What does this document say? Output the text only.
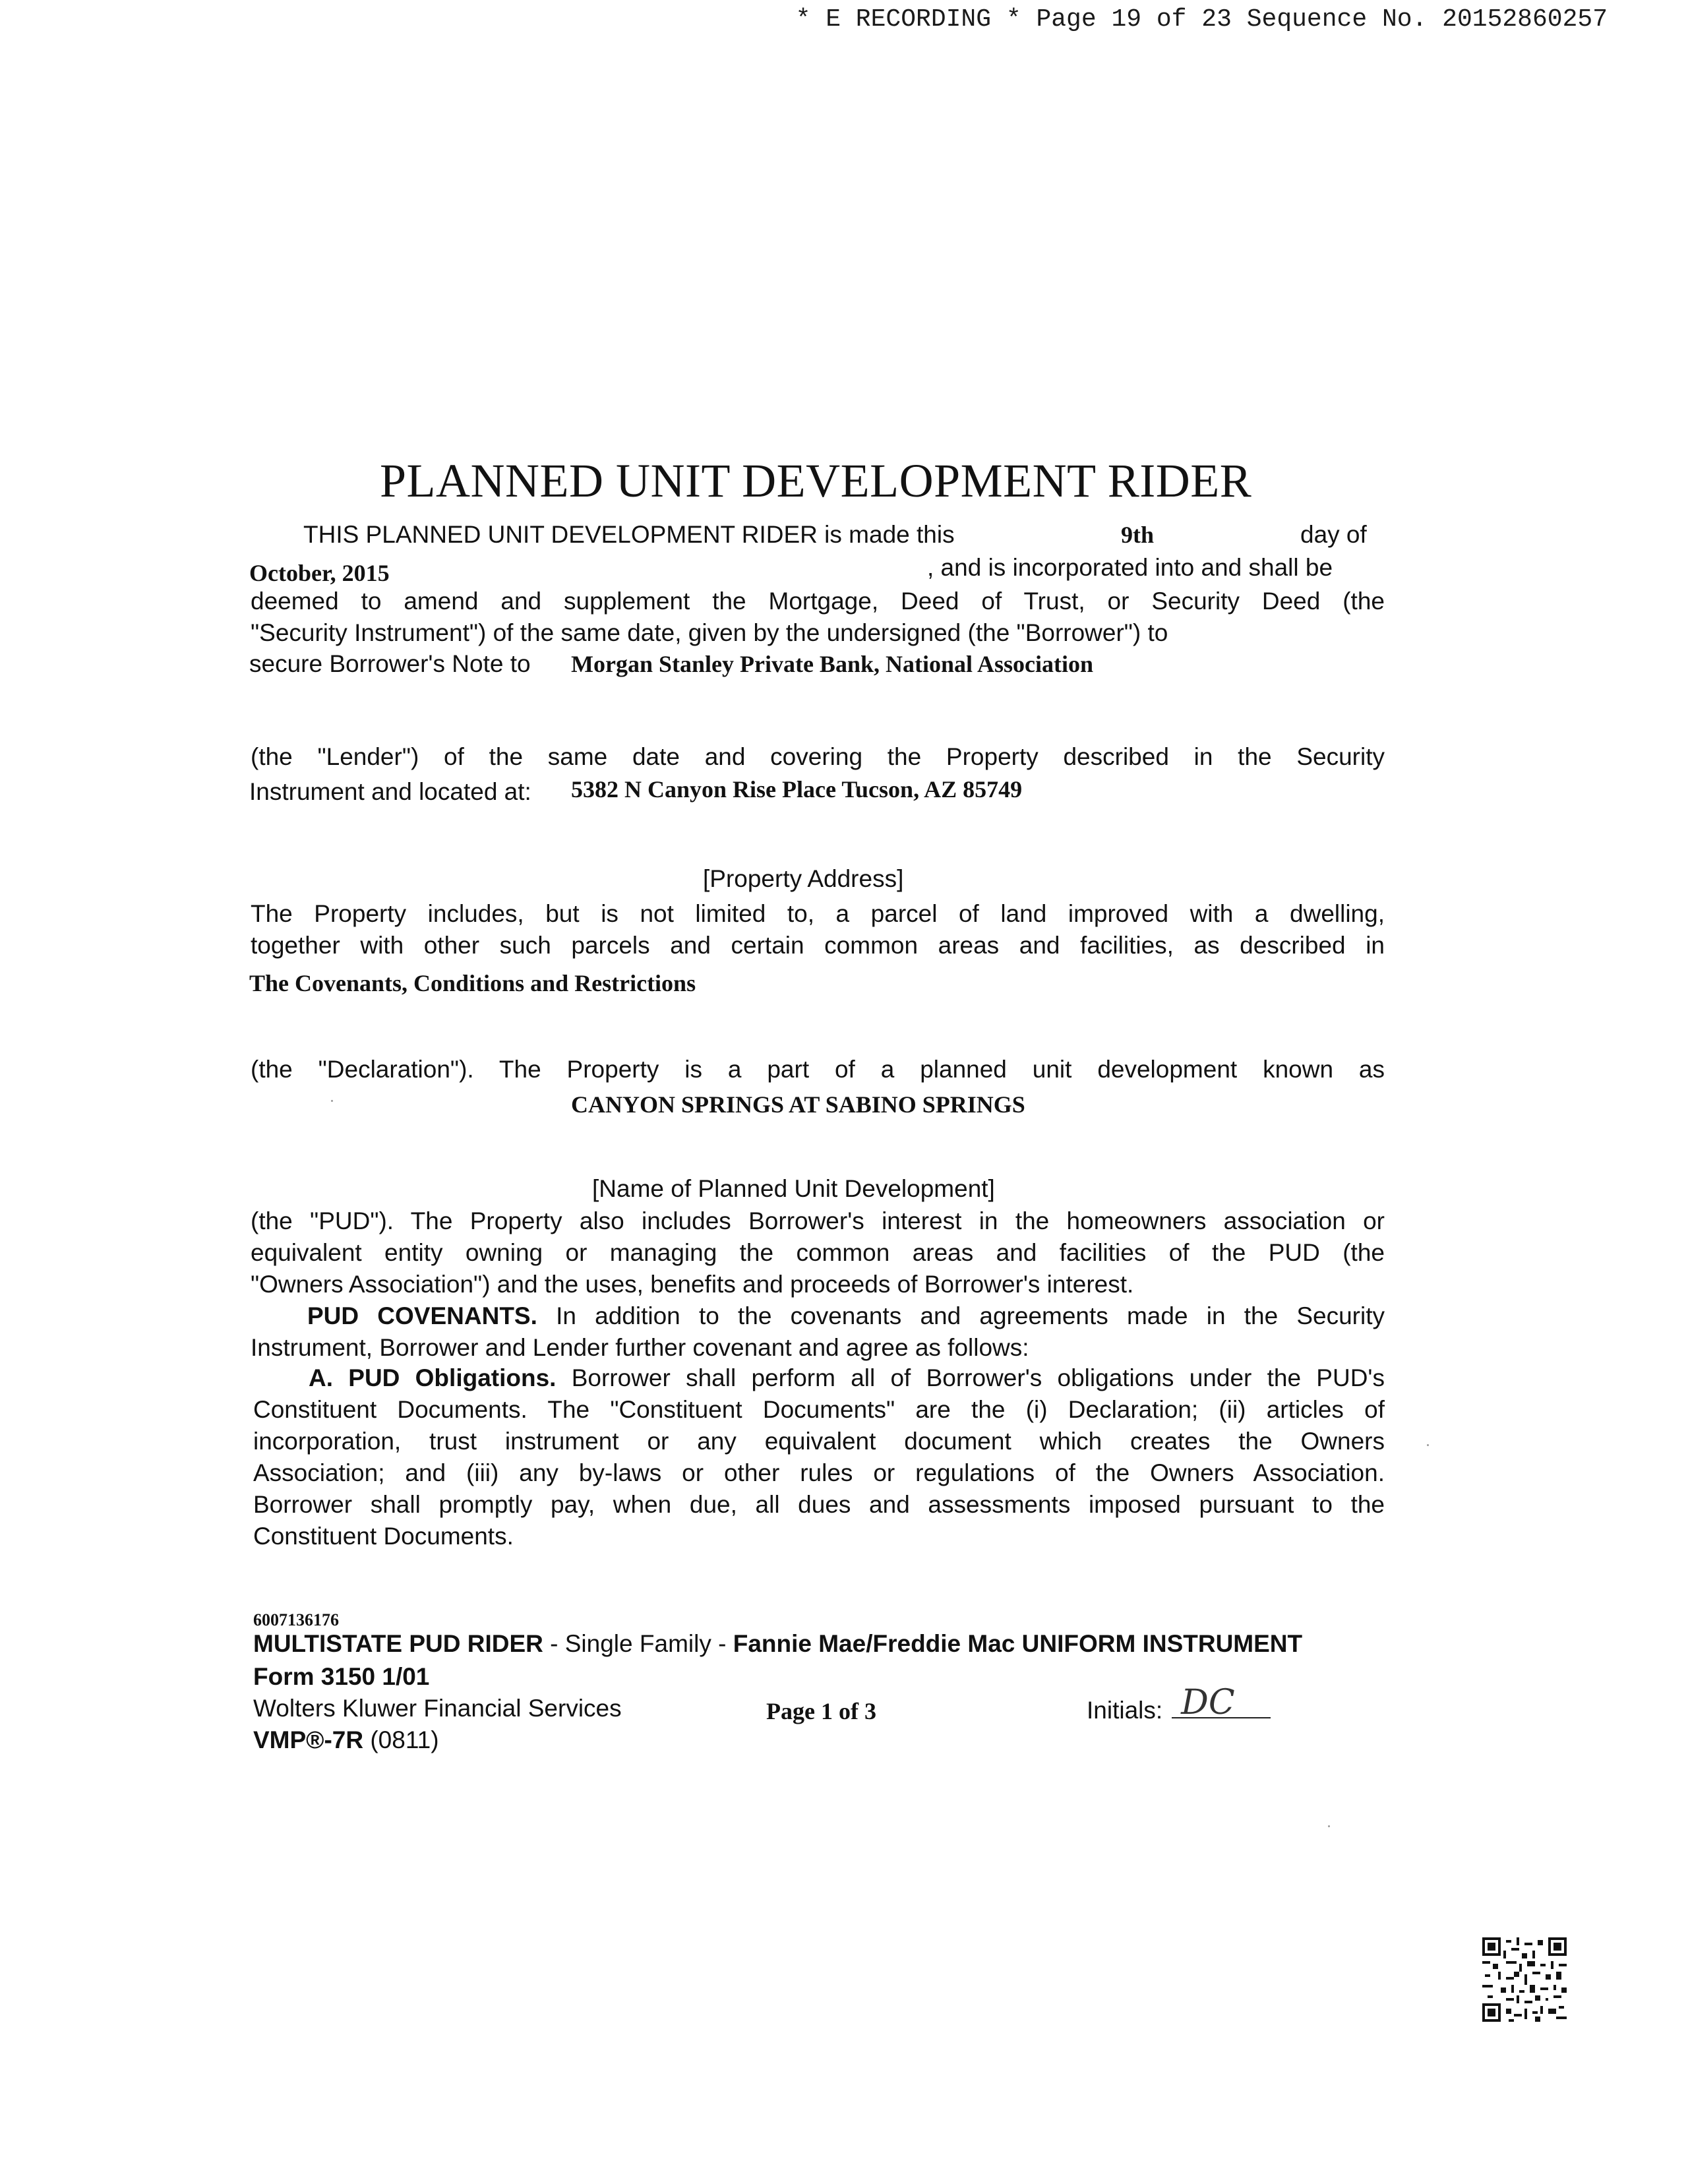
* E RECORDING * Page 19 of 23 Sequence No. 20152860257
PLANNED UNIT DEVELOPMENT RIDER
THIS PLANNED UNIT DEVELOPMENT RIDER is made this	9th	day of
October, 2015	, and is incorporated into and shall be
deemed to amend and supplement the Mortgage, Deed of Trust, or Security Deed (the
"Security Instrument") of the same date, given by the undersigned (the "Borrower") to
secure Borrower's Note to Morgan Stanley Private Bank, National Association
(the "Lender") of the same date and covering the Property described in the Security
Instrument and located at: 5382 N Canyon Rise Place Tucson, AZ 85749
[Property Address]
The Property includes, but is not limited to, a parcel of land improved with a dwelling,
together with other such parcels and certain common areas and facilities, as described in
The Covenants, Conditions and Restrictions
(the "Declaration"). The Property is a part of a planned unit development known as
CANYON SPRINGS AT SABINO SPRINGS
[Name of Planned Unit Development]
(the "PUD"). The Property also includes Borrower's interest in the homeowners association or
equivalent entity owning or managing the common areas and facilities of the PUD (the
"Owners Association") and the uses, benefits and proceeds of Borrower's interest.
PUD COVENANTS. In addition to the covenants and agreements made in the Security
Instrument, Borrower and Lender further covenant and agree as follows:
A. PUD Obligations. Borrower shall perform all of Borrower's obligations under the PUD's
Constituent Documents. The "Constituent Documents" are the (i) Declaration; (ii) articles of
incorporation, trust instrument or any equivalent document which creates the Owners
Association; and (iii) any by-laws or other rules or regulations of the Owners Association.
Borrower shall promptly pay, when due, all dues and assessments imposed pursuant to the
Constituent Documents.
6007136176
MULTISTATE PUD RIDER - Single Family - Fannie Mae/Freddie Mac UNIFORM INSTRUMENT
Form 3150 1/01
Wolters Kluwer Financial Services	Page 1 of 3	Initials: DC
VMP®-7R (0811)
